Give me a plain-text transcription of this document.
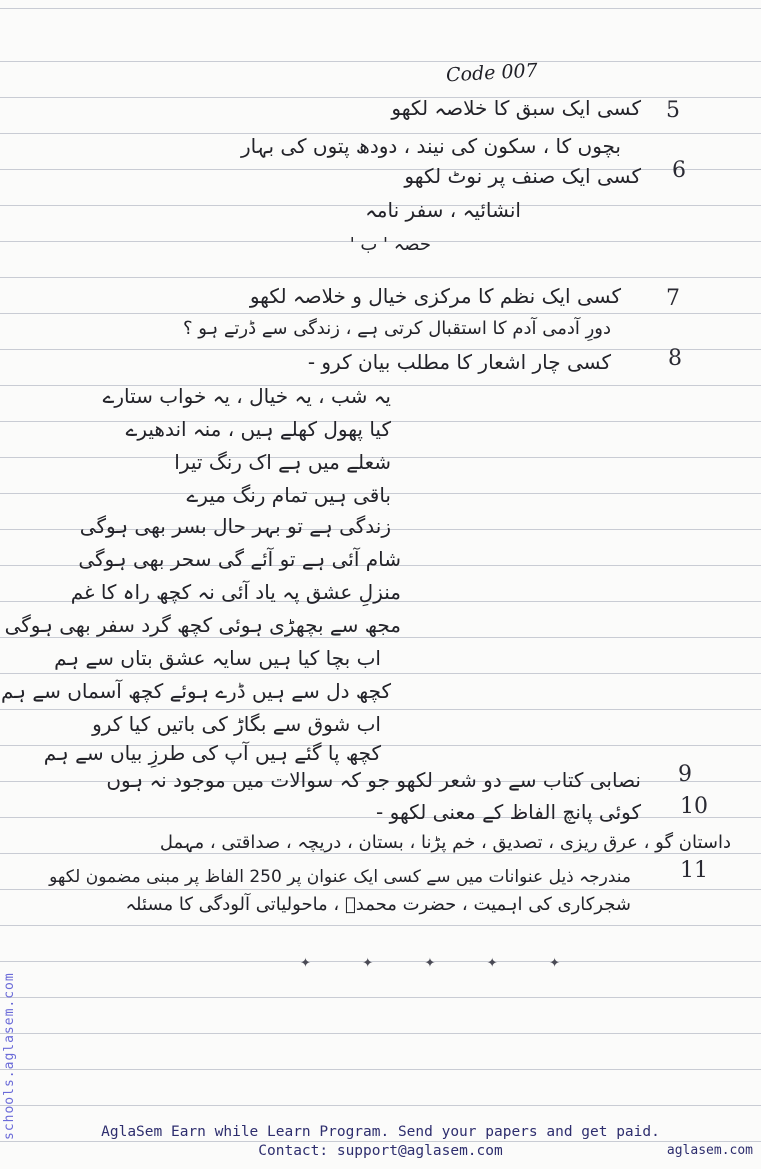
Code 007
کسی ایک سبق کا خلاصہ لکھو 5
بچوں کا ، سکون کی نیند ، دودھ پتوں کی بہار
کسی ایک صنف پر نوٹ لکھو 6
انشائیہ ، سفر نامہ
حصہ ' ب '
کسی ایک نظم کا مرکزی خیال و خلاصہ لکھو 7
دورِ آدمی آدم کا استقبال کرتی ہے ، زندگی سے ڈرتے ہو ؟
کسی چار اشعار کا مطلب بیان کرو -	8
یہ شب ، یہ خیال ، یہ خواب ستارے
کیا پھول کھلے ہیں ، منہ اندھیرے
شعلے میں ہے اک رنگ تیرا
باقی ہیں تمام رنگ میرے
زندگی ہے تو بہر حال بسر بھی ہوگی
شام آئی ہے تو آئے گی سحر بھی ہوگی
منزلِ عشق پہ یاد آئی نہ کچھ راہ کا غم
مجھ سے بچھڑی ہوئی کچھ گرد سفر بھی ہوگی
اب بچا کیا ہیں سایہ عشق بتاں سے ہم
کچھ دل سے ہیں ڈرے ہوئے کچھ آسماں سے ہم
اب شوق سے بگاڑ کی باتیں کیا کرو
کچھ پا گئے ہیں آپ کی طرزِ بیاں سے ہم
نصابی کتاب سے دو شعر لکھو جو کہ سوالات میں موجود نہ ہوں 9
کوئی پانچ الفاظ کے معنی لکھو - 10
داستان گو ، عرق ریزی ، تصدیق ، خم پڑنا ، بستان ، دریچہ ، صداقتی ، مہمل
مندرجہ ذیل عنوانات میں سے کسی ایک عنوان پر 250 الفاظ پر مبنی مضمون لکھو 11
شجرکاری کی اہمیت ، حضرت محمدؐ ، ماحولیاتی آلودگی کا مسئلہ
✦	✦	✦	✦	✦
schools.aglasem.com	AglaSem Earn while Learn Program. Send your papers and get paid.
Contact: support@aglasem.com	aglasem.com
